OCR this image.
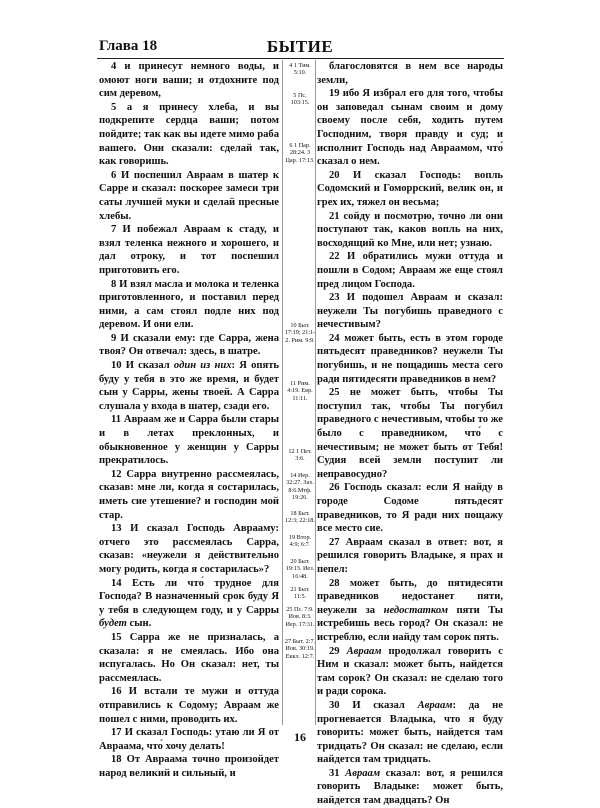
Глава 18	БЫТИЕ

4 и принесут немного воды, и омоют ноги ваши; и отдохните под сим деревом,

5 а я принесу хлеба, и вы подкрепите сердца ваши; потом пойдите; так как вы идете мимо раба вашего. Они сказали: сделай так, как говоришь.

6 И поспешил Авраам в шатер к Сарре и сказал: поскорее замеси три саты лучшей муки и сделай пресные хлебы.

7 И побежал Авраам к стаду, и взял теленка нежного и хорошего, и дал отроку, и тот поспешил приготовить его.

8 И взял масла и молока и теленка приготовленного, и поставил перед ними, а сам стоял подле них под деревом. И они ели.

9 И сказали ему: где Сарра, жена твоя? Он отвечал: здесь, в шатре.

10 И сказал один из них: Я опять буду у тебя в это же время, и будет сын у Сарры, жены твоей. А Сарра слушала у входа в шатер, сзади его.

11 Авраам же и Сарра были стары и в летах преклонных, и обыкновенное у женщин у Сарры прекратилось.

12 Сарра внутренно рассмеялась, сказав: мне ли, когда я состарилась, иметь сие утешение? и господин мой стар.

13 И сказал Господь Аврааму: отчего это рассмеялась Сарра, сказав: «неужели я действительно могу родить, когда я состарилась»?

14 Есть ли что́ трудное для Господа? В назначенный срок буду Я у тебя в следующем году, и у Сарры будет сын.

15 Сарра же не призналась, а сказала: я не смеялась. Ибо она испугалась. Но Он сказал: нет, ты рассмеялась.

16 И встали те мужи и оттуда отправились к Содому; Авраам же пошел с ними, проводить их.

17 И сказал Господь: утаю ли Я от Авраама, что́ хочу делать!

18 От Авраама точно произойдет народ великий и сильный, и

4 1 Тим. 5:10.
5 Пс. 103:15.
6 1 Пар. 28:24. 3 Цар. 17:13.
10 Быт. 17:19; 21:1-2. Рим. 9:9.
11 Рим. 4:19. Евр. 11:11.
12 1 Пет. 3:6.
14 Иер. 32:27. Зах. 8:6.Мтф. 19:26.
18 Быт. 12:3; 22:18.
19 Втор. 4:9; 6:7.
20 Быт. 19:13. Иез. 16:48.
21 Быт. 11:5.
25 Пс. 7:9. Иов. 8:3. Иер. 17:31.
27 Быт. 2:7. Иов. 30:19. Еккл. 12:7.

благословятся в нем все народы земли,

19 ибо Я избрал его для того, чтобы он заповедал сынам своим и дому своему после себя, ходить путем Господним, творя правду и суд; и исполнит Господь над Авраамом, что́ сказал о нем.

20 И сказал Господь: вопль Содомский и Гоморрский, велик он, и грех их, тяжел он весьма;

21 сойду и посмотрю, точно ли они поступают так, каков вопль на них, восходящий ко Мне, или нет; узнаю.

22 И обратились мужи оттуда и пошли в Содом; Авраам же еще стоял пред лицом Господа.

23 И подошел Авраам и сказал: неужели Ты погубишь праведного с нечестивым?

24 может быть, есть в этом городе пятьдесят праведников? неужели Ты погубишь, и не пощадишь места сего ради пятидесяти праведников в нем?

25 не может быть, чтобы Ты поступил так, чтобы Ты погубил праведного с нечестивым, чтобы то же было с праведником, что́ с нечестивым; не может быть от Тебя! Судия всей земли поступит ли неправосудно?

26 Господь сказал: если Я найду в городе Содоме пятьдесят праведников, то Я ради них пощажу все место сие.

27 Авраам сказал в ответ: вот, я решился говорить Владыке, я прах и пепел:

28 может быть, до пятидесяти праведников недостанет пяти, неужели за недостатком пяти Ты истребишь весь город? Он сказал: не истреблю, если найду там сорок пять.

29 Авраам продолжал говорить с Ним и сказал: может быть, найдется там сорок? Он сказал: не сделаю того и ради сорока.

30 И сказал Авраам: да не прогневается Владыка, что я буду говорить: может быть, найдется там тридцать? Он сказал: не сделаю, если найдется там тридцать.

31 Авраам сказал: вот, я решился говорить Владыке: может быть, найдется там двадцать? Он

16
